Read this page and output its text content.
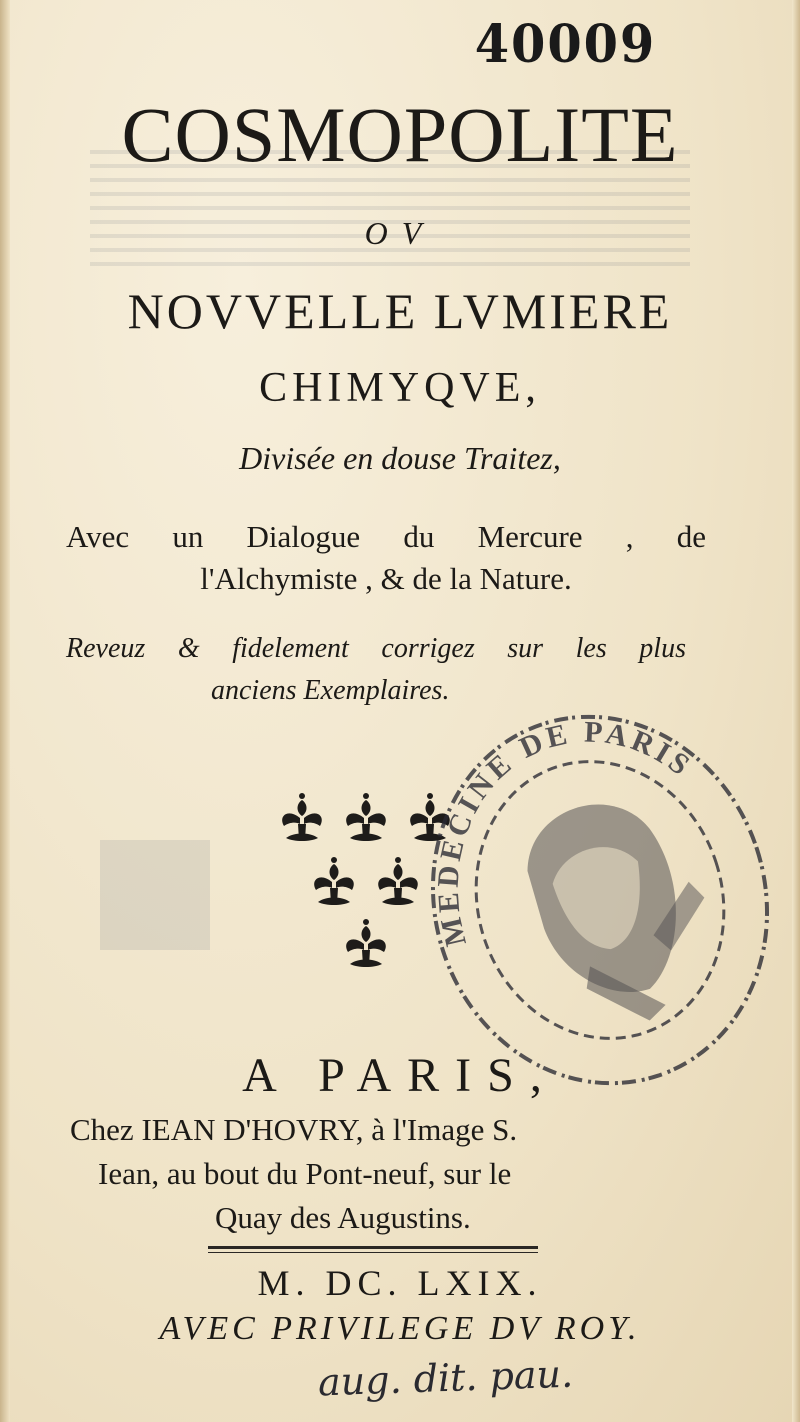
40009
COSMOPOLITE
OV
NOVVELLE LVMIERE
CHIMYQVE,
Divisée en douse Traitez,
Avec un Dialogue du Mercure , de
l'Alchymiste , & de la Nature.
Reveuz & fidelement corrigez sur les plus
anciens Exemplaires.
MEDECINE DE PARIS
A PARIS,
Chez IEAN D'HOVRY, à l'Image S.
Iean, au bout du Pont-neuf, sur le
Quay des Augustins.
M. DC. LXIX.
AVEC PRIVILEGE DV ROY.
aug. dit. pau.
